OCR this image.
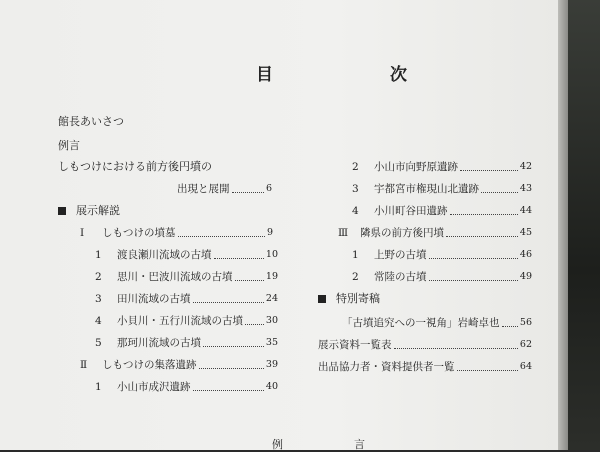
目　次
館長あいさつ
例言
しもつけにおける前方後円墳の
出現と展開	6
展示解説
Ⅰ	しもつけの墳墓	9
1	渡良瀬川流域の古墳	10
2	思川・巴波川流域の古墳	19
3	田川流域の古墳	24
4	小貝川・五行川流域の古墳 30
5	那珂川流域の古墳	35
Ⅱ	しもつけの集落遺跡	39
1	小山市成沢遺跡	40
2	小山市向野原遺跡	42
3	宇都宮市権現山北遺跡	43
4	小川町谷田遺跡	44
Ⅲ	隣県の前方後円墳	45
1	上野の古墳	46
2	常陸の古墳	49
特別寄稿
「古墳追究への一視角」岩崎卓也 56
展示資料一覧表	62
出品協力者・資料提供者一覧	64
例　言
